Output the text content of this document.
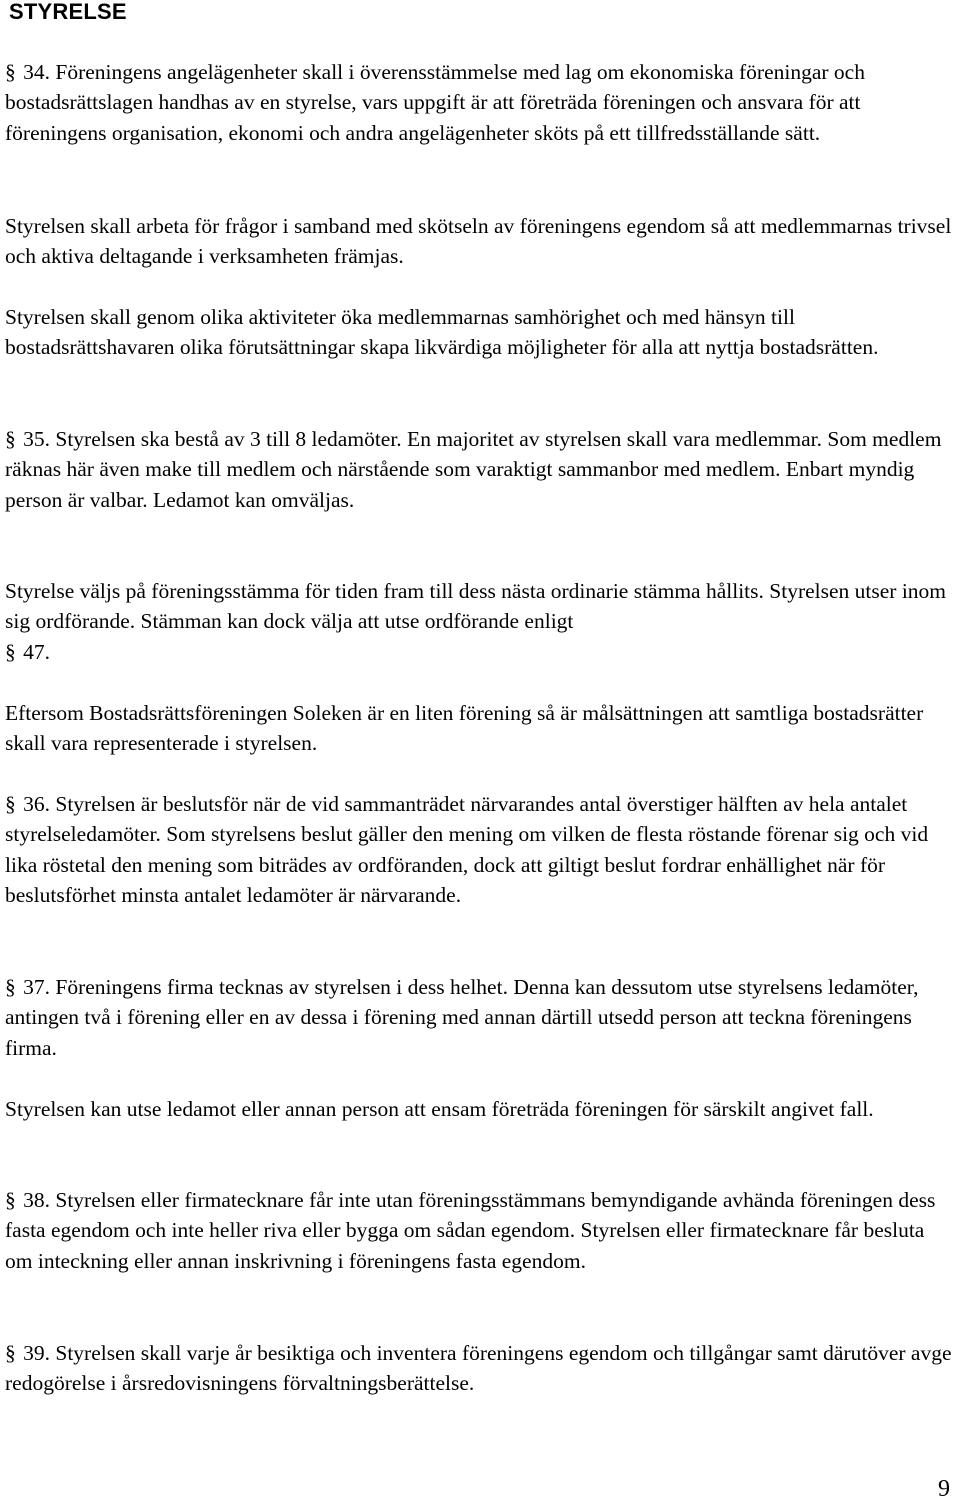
STYRELSE

§ 34. Föreningens angelägenheter skall i överensstämmelse med lag om ekonomiska föreningar och bostadsrättslagen handhas av en styrelse, vars uppgift är att företräda föreningen och ansvara för att föreningens organisation, ekonomi och andra angelägenheter sköts på ett tillfredsställande sätt.

Styrelsen skall arbeta för frågor i samband med skötseln av föreningens egendom så att medlemmarnas trivsel och aktiva deltagande i verksamheten främjas.

Styrelsen skall genom olika aktiviteter öka medlemmarnas samhörighet och med hänsyn till bostadsrättshavaren olika förutsättningar skapa likvärdiga möjligheter för alla att nyttja bostadsrätten.

§ 35. Styrelsen ska bestå av 3 till 8 ledamöter. En majoritet av styrelsen skall vara medlemmar. Som medlem räknas här även make till medlem och närstående som varaktigt sammanbor med medlem. Enbart myndig person är valbar. Ledamot kan omväljas.

Styrelse väljs på föreningsstämma för tiden fram till dess nästa ordinarie stämma hållits. Styrelsen utser inom sig ordförande. Stämman kan dock välja att utse ordförande enligt
§ 47.

Eftersom Bostadsrättsföreningen Soleken är en liten förening så är målsättningen att samtliga bostadsrätter skall vara representerade i styrelsen.

§ 36. Styrelsen är beslutsför när de vid sammanträdet närvarandes antal överstiger hälften av hela antalet styrelseledamöter. Som styrelsens beslut gäller den mening om vilken de flesta röstande förenar sig och vid lika röstetal den mening som biträdes av ordföranden, dock att giltigt beslut fordrar enhällighet när för beslutsförhet minsta antalet ledamöter är närvarande.

§ 37. Föreningens firma tecknas av styrelsen i dess helhet. Denna kan dessutom utse styrelsens ledamöter, antingen två i förening eller en av dessa i förening med annan därtill utsedd person att teckna föreningens firma.

Styrelsen kan utse ledamot eller annan person att ensam företräda föreningen för särskilt angivet fall.

§ 38. Styrelsen eller firmatecknare får inte utan föreningsstämmans bemyndigande avhända föreningen dess fasta egendom och inte heller riva eller bygga om sådan egendom. Styrelsen eller firmatecknare får besluta om inteckning eller annan inskrivning i föreningens fasta egendom.

§ 39. Styrelsen skall varje år besiktiga och inventera föreningens egendom och tillgångar samt därutöver avge redogörelse i årsredovisningens förvaltningsberättelse.

9
